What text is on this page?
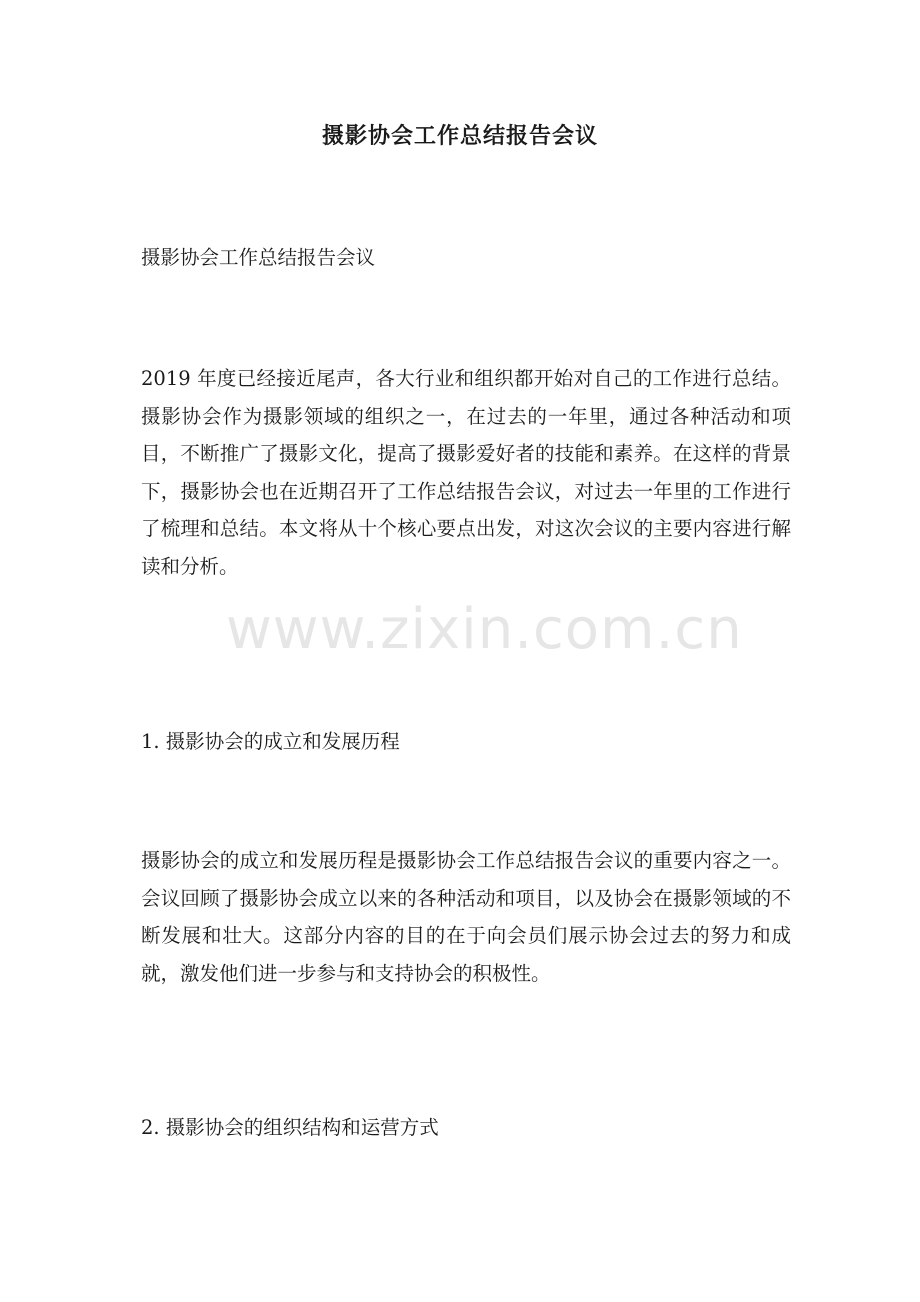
www.zixin.com.cn
摄影协会工作总结报告会议

摄影协会工作总结报告会议

2019 年度已经接近尾声，各大行业和组织都开始对自己的工作进行总结。摄影协会作为摄影领域的组织之一，在过去的一年里，通过各种活动和项目，不断推广了摄影文化，提高了摄影爱好者的技能和素养。在这样的背景下，摄影协会也在近期召开了工作总结报告会议，对过去一年里的工作进行了梳理和总结。本文将从十个核心要点出发，对这次会议的主要内容进行解读和分析。

1. 摄影协会的成立和发展历程

摄影协会的成立和发展历程是摄影协会工作总结报告会议的重要内容之一。会议回顾了摄影协会成立以来的各种活动和项目，以及协会在摄影领域的不断发展和壮大。这部分内容的目的在于向会员们展示协会过去的努力和成就，激发他们进一步参与和支持协会的积极性。

2. 摄影协会的组织结构和运营方式
